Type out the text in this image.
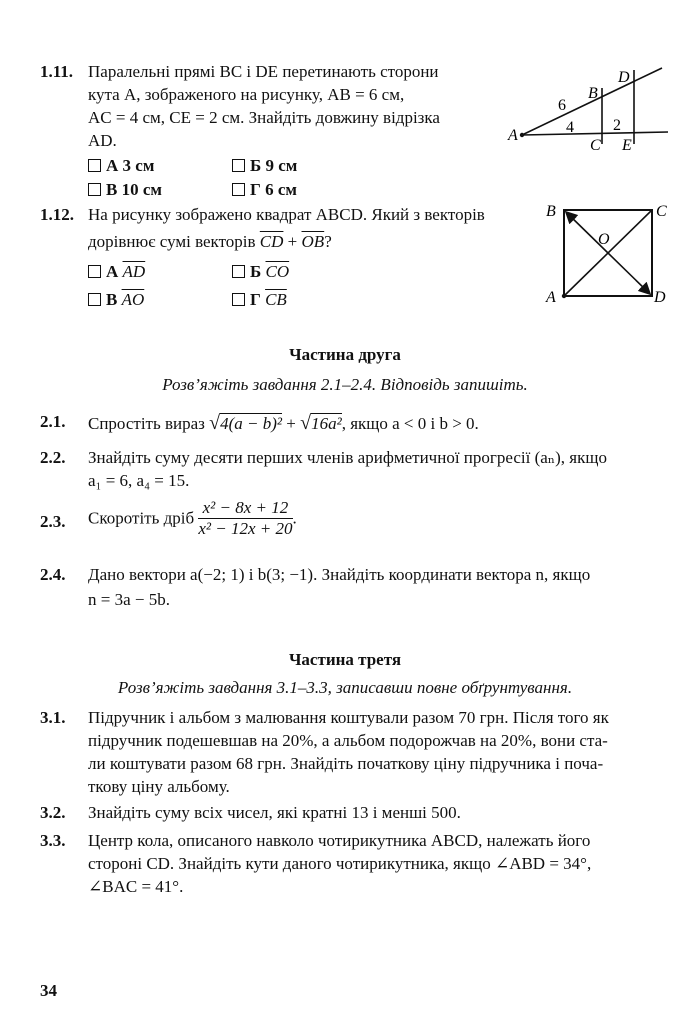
1.11. Паралельні прямі BC і DE перетинають сторони
кута A, зображеного на рисунку, AB = 6 см,
AC = 4 см, CE = 2 см. Знайдіть довжину відрізка
AD.
А 3 см	Б 9 см
В 10 см	Г 6 см
A
B
C
D
E
6
4 2
1.12. На рисунку зображено квадрат ABCD. Який з векторів
дорівнює сумі векторів $\overline{CD} + \overline{OB}$?
А $\overline{AD}$	Б $\overline{CO}$
В $\overline{AO}$	Г $\overline{CB}$
B	C
A	D
O
Частина друга
Розв’яжіть завдання 2.1–2.4. Відповідь запишіть.
2.1. Спростіть вираз √4(a − b)² + √16a², якщо a < 0 і b > 0.
2.2. Знайдіть суму десяти перших членів арифметичної прогресії (aₙ), якщо
a₁ = 6, a₄ = 15.
2.3. Скоротіть дріб $\frac{\text{x² − 8x + 12}}{\text{x² − 12x + 20}}$ .
2.4. Дано вектори a(−2; 1) і b(3; −1). Знайдіть координати вектора n, якщо
n = 3a − 5b.
Частина третя
Розв’яжіть завдання 3.1–3.3, записавши повне обґрунтування.
3.1. Підручник і альбом з малювання коштували разом 70 грн. Після того як
підручник подешевшав на 20%, а альбом подорожчав на 20%, вони ста-
ли коштувати разом 68 грн. Знайдіть початкову ціну підручника і поча-
ткову ціну альбому.
3.2. Знайдіть суму всіх чисел, які кратні 13 і менші 500.
3.3. Центр кола, описаного навколо чотирикутника ABCD, належать його
стороні CD. Знайдіть кути даного чотирикутника, якщо ∠ABD = 34°,
∠BAC = 41°.
34
